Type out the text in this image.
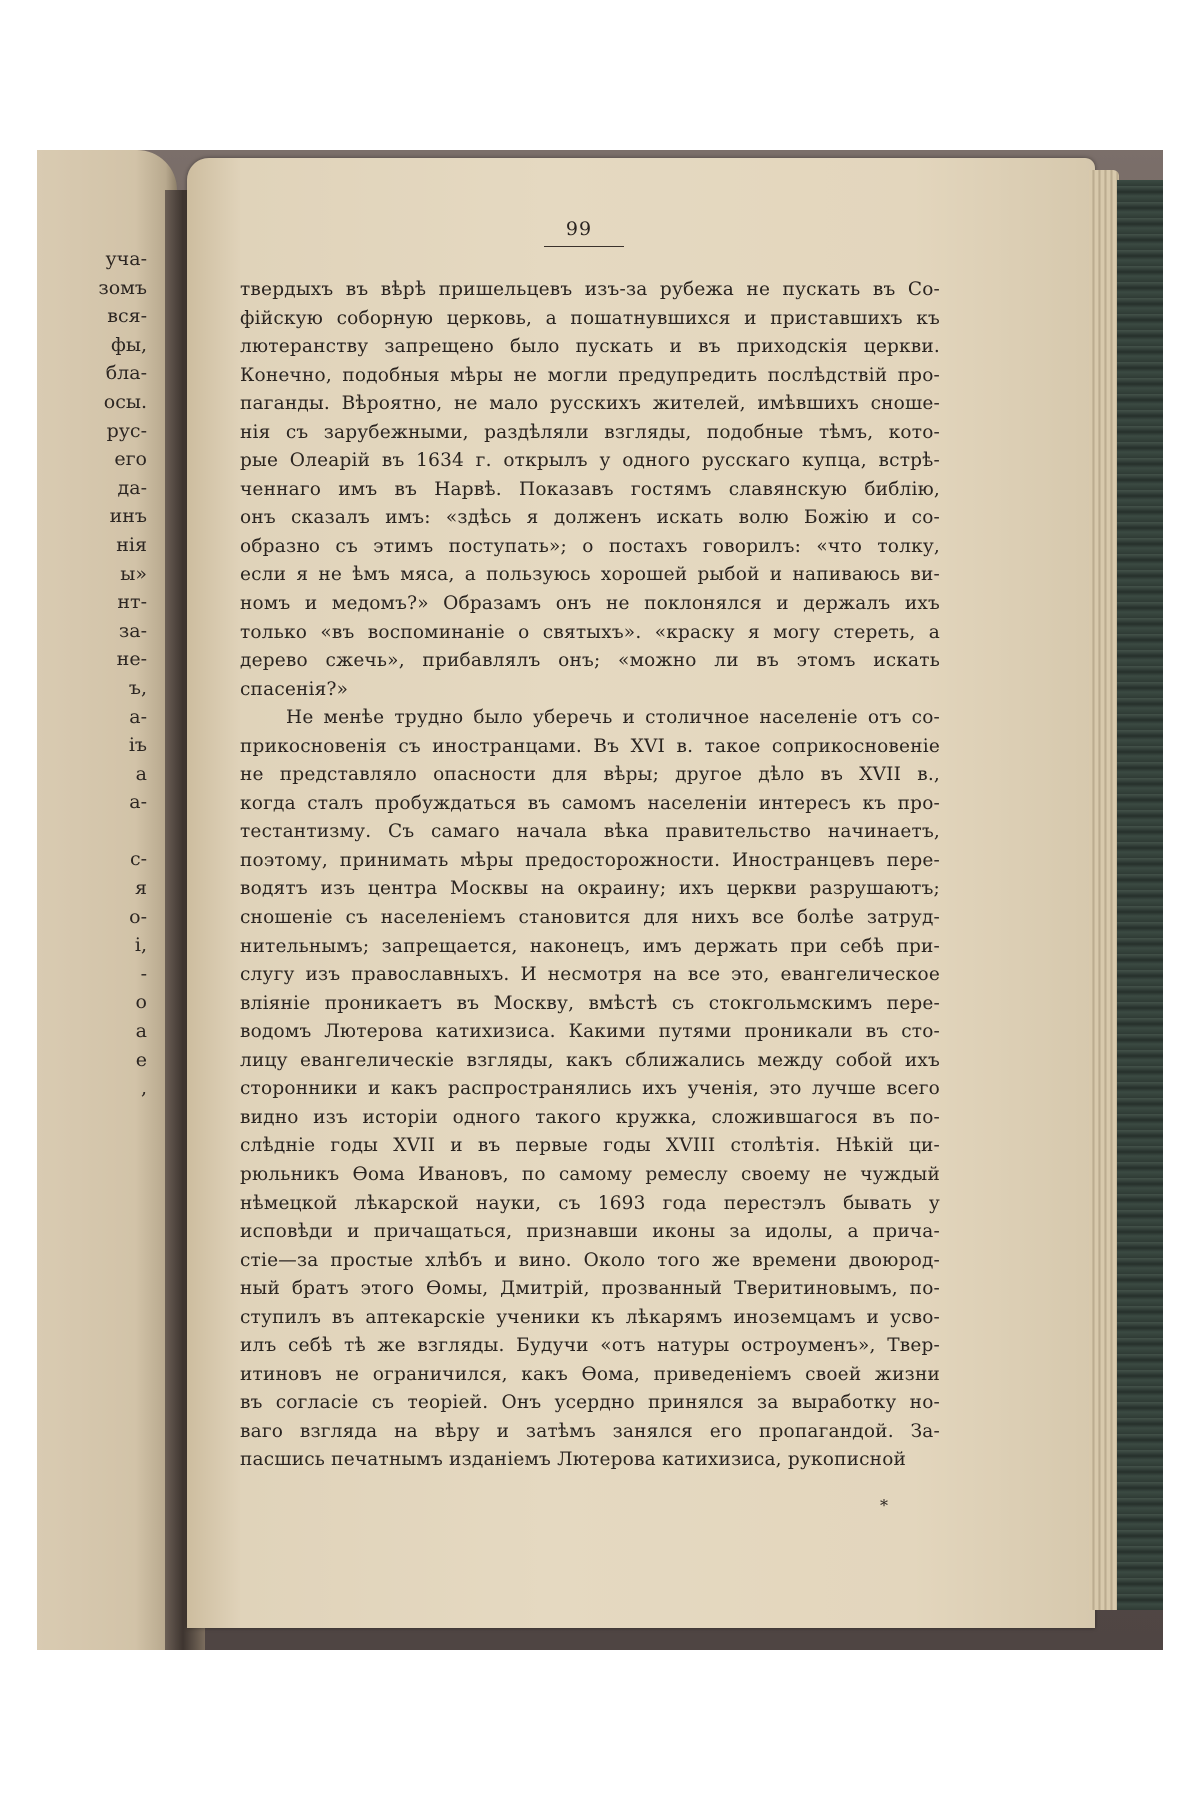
уча-
зомъ
вся-
фы,
бла-
осы.
рус-
его
да-
инъ
нія
ы»
нт-
за-
не-
ъ,
а-
іъ
а
а-
с-
я
о-
і,
-
о
а
е
,
99
твердыхъ въ вѣрѣ пришельцевъ изъ-за рубежа не пускать въ Со-
фійскую соборную церковь, а пошатнувшихся и приставшихъ къ
лютеранству запрещено было пускать и въ приходскія церкви.
Конечно, подобныя мѣры не могли предупредить послѣдствій про-
паганды. Вѣроятно, не мало русскихъ жителей, имѣвшихъ сноше-
нія съ зарубежными, раздѣляли взгляды, подобные тѣмъ, кото-
рые Олеарій въ 1634 г. открылъ у одного русскаго купца, встрѣ-
ченнаго имъ въ Нарвѣ. Показавъ гостямъ славянскую библію,
онъ сказалъ имъ: «здѣсь я долженъ искать волю Божію и со-
образно съ этимъ поступать»; о постахъ говорилъ: «что толку,
если я не ѣмъ мяса, а пользуюсь хорошей рыбой и напиваюсь ви-
номъ и медомъ?» Образамъ онъ не поклонялся и держалъ ихъ
только «въ воспоминаніе о святыхъ». «краску я могу стереть, а
дерево сжечь», прибавлялъ онъ; «можно ли въ этомъ искать
спасенія?»
Не менѣе трудно было уберечь и столичное населеніе отъ со-
прикосновенія съ иностранцами. Въ XVI в. такое соприкосновеніе
не представляло опасности для вѣры; другое дѣло въ XVII в.,
когда сталъ пробуждаться въ самомъ населеніи интересъ къ про-
тестантизму. Съ самаго начала вѣка правительство начинаетъ,
поэтому, принимать мѣры предосторожности. Иностранцевъ пере-
водятъ изъ центра Москвы на окраину; ихъ церкви разрушаютъ;
сношеніе съ населеніемъ становится для нихъ все болѣе затруд-
нительнымъ; запрещается, наконецъ, имъ держать при себѣ при-
слугу изъ православныхъ. И несмотря на все это, евангелическое
вліяніе проникаетъ въ Москву, вмѣстѣ съ стокгольмскимъ пере-
водомъ Лютерова катихизиса. Какими путями проникали въ сто-
лицу евангелическіе взгляды, какъ сближались между собой ихъ
сторонники и какъ распространялись ихъ ученія, это лучше всего
видно изъ исторіи одного такого кружка, сложившагося въ по-
слѣдніе годы XVII и въ первые годы XVIII столѣтія. Нѣкій ци-
рюльникъ Ѳома Ивановъ, по самому ремеслу своему не чуждый
нѣмецкой лѣкарской науки, съ 1693 года перестэлъ бывать у
исповѣди и причащаться, признавши иконы за идолы, а прича-
стіе—за простые хлѣбъ и вино. Около того же времени двоюрод-
ный братъ этого Ѳомы, Дмитрій, прозванный Тверитиновымъ, по-
ступилъ въ аптекарскіе ученики къ лѣкарямъ иноземцамъ и усво-
илъ себѣ тѣ же взгляды. Будучи «отъ натуры остроуменъ», Твер-
итиновъ не ограничился, какъ Ѳома, приведеніемъ своей жизни
въ согласіе съ теоріей. Онъ усердно принялся за выработку но-
ваго взгляда на вѣру и затѣмъ занялся его пропагандой. За-
пасшись печатнымъ изданіемъ Лютерова катихизиса, рукописной
*
